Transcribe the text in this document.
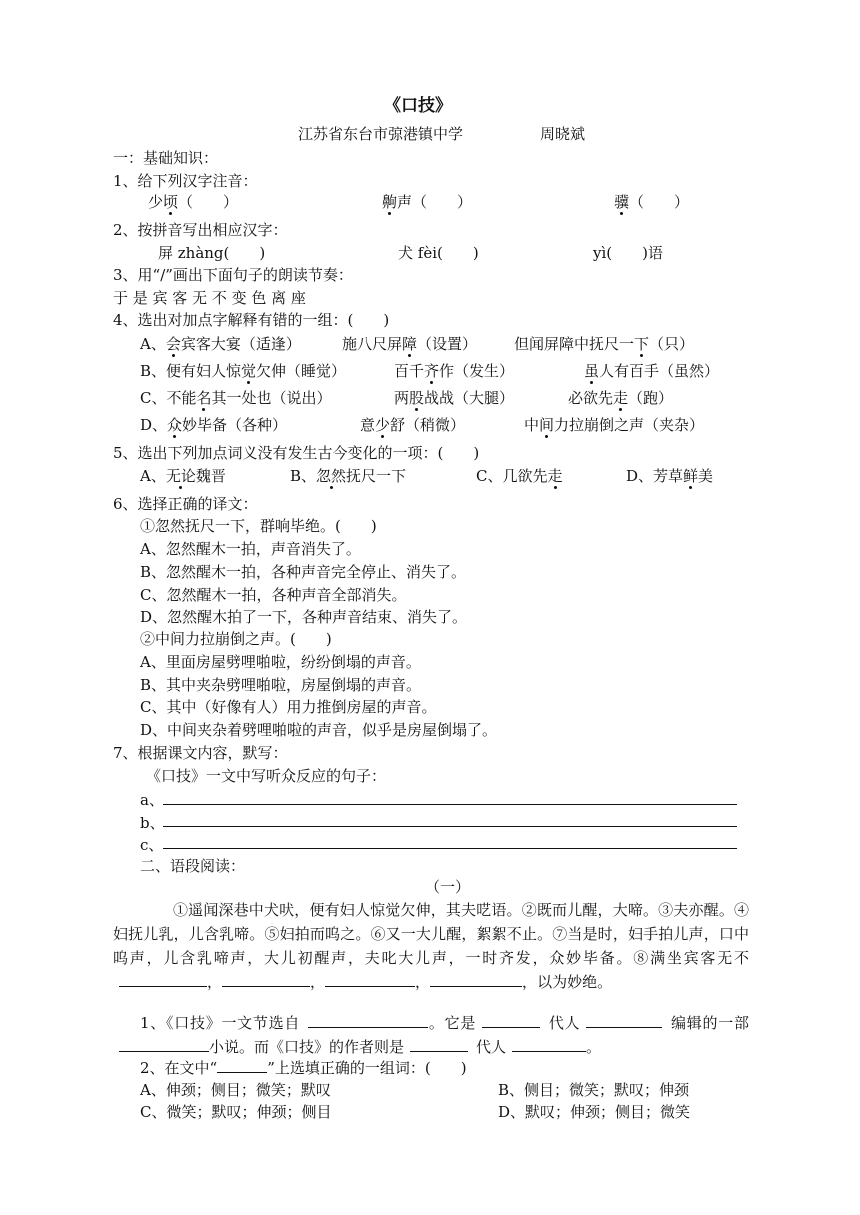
《口技》
江苏省东台市弶港镇中学	周晓斌
一：基础知识：
1、给下列汉字注音：
少顷（　　）	齁声（　　）	骥（　　）
2、按拼音写出相应汉字：
屏 zhàng(　　)	犬 fèi(　　)	yì(　　)语
3、用“/”画出下面句子的朗读节奏：
于 是 宾 客 无 不 变 色 离 座
4、选出对加点字解释有错的一组：(　　)
A、会宾客大宴（适逢）	施八尺屏障（设置） 但闻屏障中抚尺一下（只）
B、便有妇人惊觉欠伸（睡觉）	百千齐作（发生）	虽人有百手（虽然）
C、不能名其一处也（说出）	两股战战（大腿）	必欲先走（跑）
D、众妙毕备（各种）	意少舒（稍微）	中间力拉崩倒之声（夹杂）
5、选出下列加点词义没有发生古今变化的一项：(　　)
A、无论魏晋	B、忽然抚尺一下	C、几欲先走	D、芳草鲜美
6、选择正确的译文：
①忽然抚尺一下，群响毕绝。(　　)
A、忽然醒木一拍，声音消失了。
B、忽然醒木一拍，各种声音完全停止、消失了。
C、忽然醒木一拍，各种声音全部消失。
D、忽然醒木拍了一下，各种声音结束、消失了。
②中间力拉崩倒之声。(　　)
A、里面房屋劈哩啪啦，纷纷倒塌的声音。
B、其中夹杂劈哩啪啦，房屋倒塌的声音。
C、其中（好像有人）用力推倒房屋的声音。
D、中间夹杂着劈哩啪啦的声音，似乎是房屋倒塌了。
7、根据课文内容，默写：
《口技》一文中写听众反应的句子：
a、
b、
c、
二、语段阅读：
（一）
①遥闻深巷中犬吠，便有妇人惊觉欠伸，其夫呓语。②既而儿醒，大啼。③夫亦醒。④妇抚儿乳，儿含乳啼。⑤妇拍而呜之。⑥又一大儿醒，絮絮不止。⑦当是时，妇手拍儿声，口中呜声，儿含乳啼声，大儿初醒声，夫叱大儿声，一时齐发，众妙毕备。⑧满坐宾客无不，	，	，	，以为妙绝。
1、《口技》一文节选自	。它是	代人	编辑的一部小说。而《口技》的作者则是	代人	。
2、在文中“	”上选填正确的一组词：(　　)
A、伸颈；侧目；微笑；默叹	B、侧目；微笑；默叹；伸颈
C、微笑；默叹；伸颈；侧目	D、默叹；伸颈；侧目；微笑
